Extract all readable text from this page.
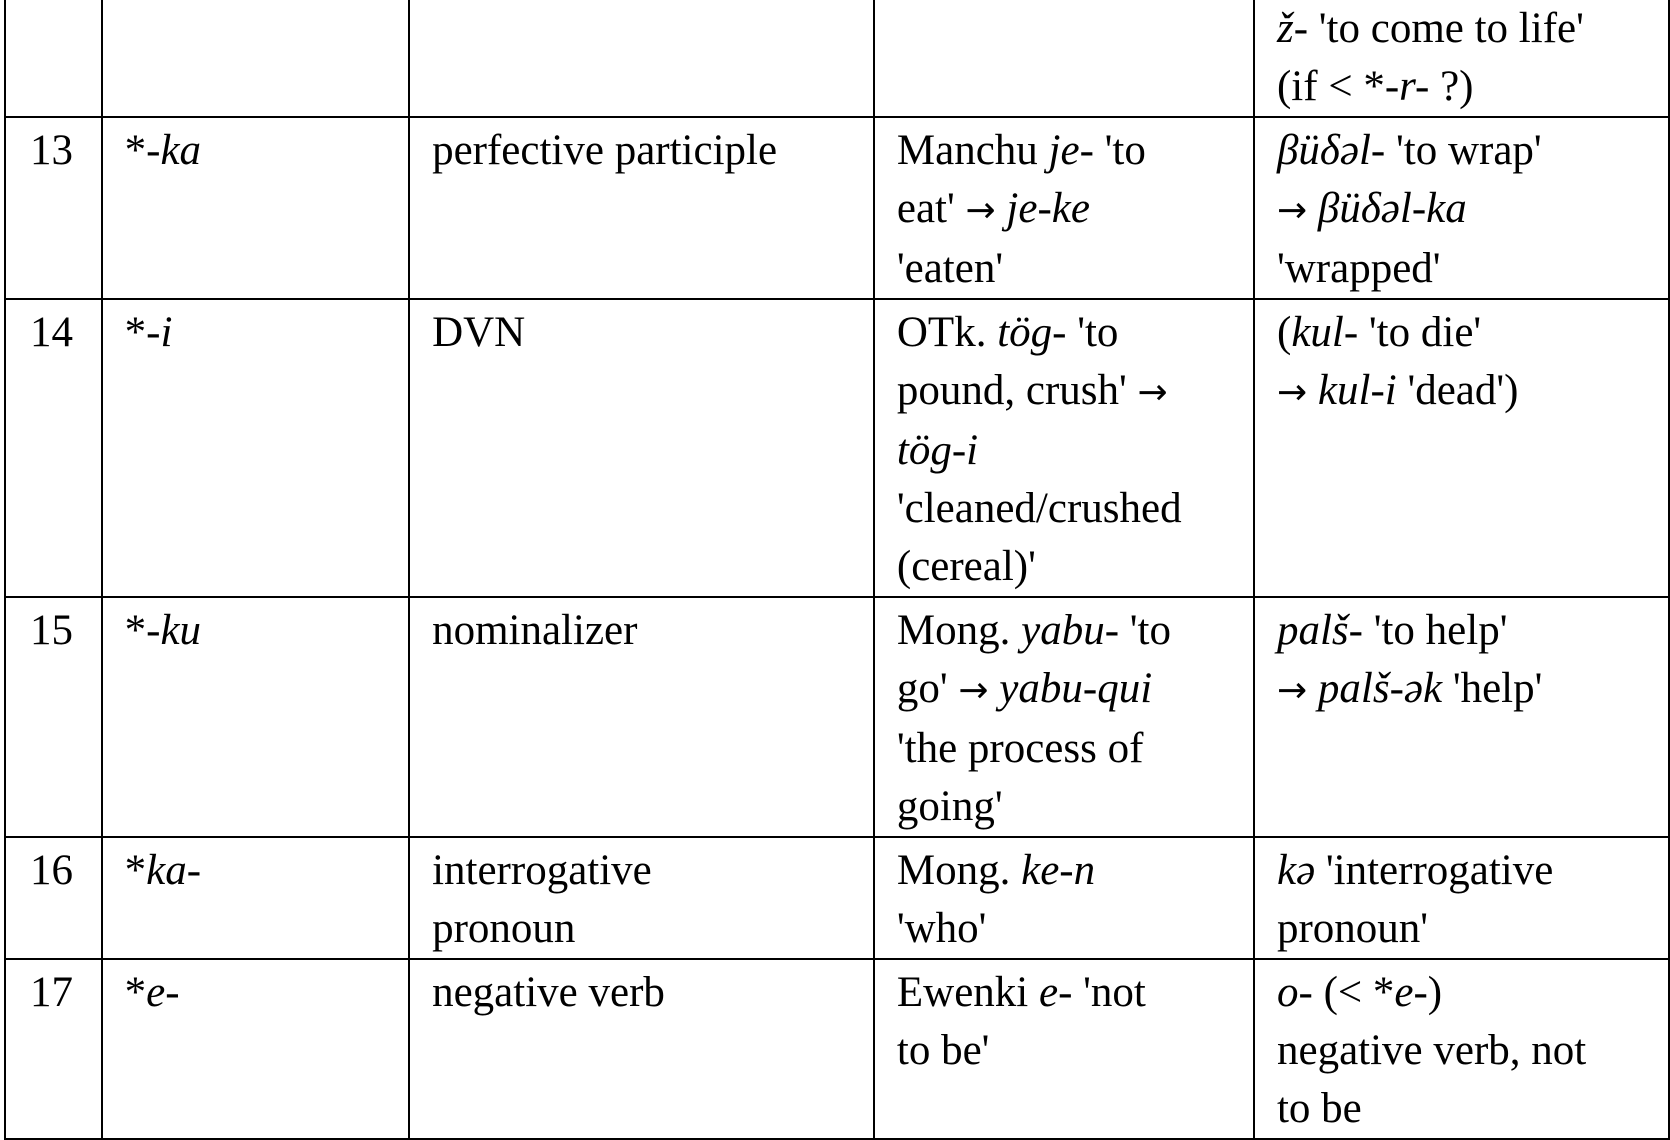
				ž- 'to come to life'
(if < *-r- ?)

13	*-ka	perfective participle	Manchu je- 'to
eat' → je-ke
'eaten'	βüδəl- 'to wrap'
→ βüδəl-ka
'wrapped'

14	*-i	DVN	OTk. tög- 'to
pound, crush' →
tög-i
'cleaned/crushed
(cereal)'	(kul- 'to die'
→ kul-i 'dead')

15	*-ku	nominalizer	Mong. yabu- 'to
go' → yabu-qui
'the process of
going'	palš- 'to help'
→ palš-ək 'help'

16	*ka-	interrogative
pronoun	Mong. ke-n
'who'	kə 'interrogative
pronoun'

17	*e-	negative verb	Ewenki e- 'not
to be'	o- (< *e-)
negative verb, not
to be
